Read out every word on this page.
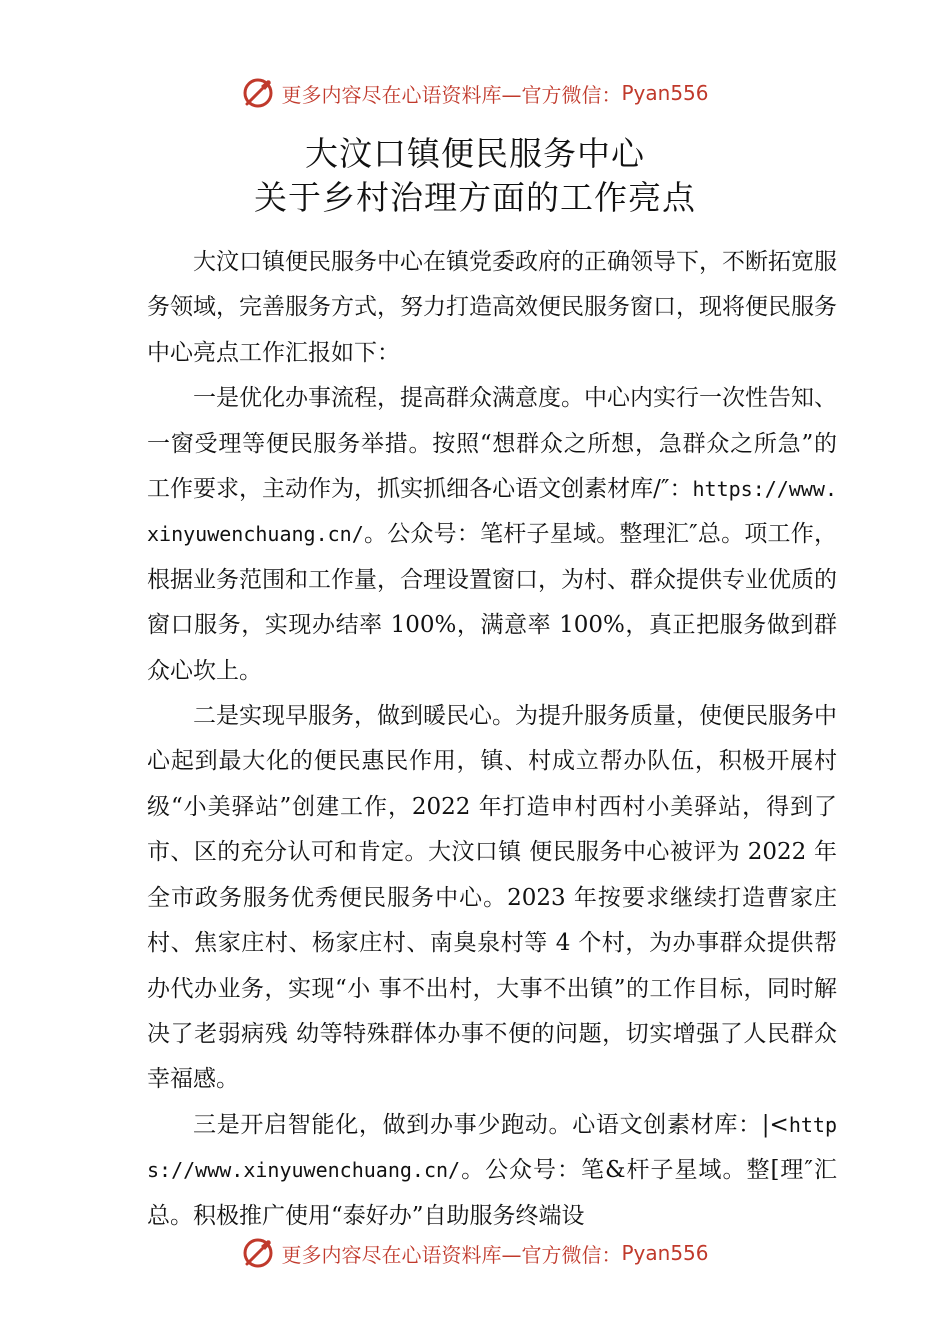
更多内容尽在心语资料库—官方微信： Pyan556
大汶口镇便民服务中心
关于乡村治理方面的工作亮点

大汶口镇便民服务中心在镇党委政府的正确领导下，不断拓宽服务领域，完善服务方式，努力打造高效便民服务窗口，现将便民服务中心亮点工作汇报如下：

一是优化办事流程，提高群众满意度。中心内实行一次性告知、一窗受理等便民服务举措。按照“想群众之所想，急群众之所急”的工作要求，主动作为，抓实抓细各心语文创素材库/″：https://www.xinyuwenchuang.cn/。公众号：笔杆子星域。整理汇″总。项工作， 根据业务范围和工作量，合理设置窗口，为村、群众提供专业优质的窗口服务，实现办结率 100%，满意率 100%，真正把服务做到群众心坎上。

二是实现早服务，做到暖民心。为提升服务质量，使便民服务中心起到最大化的便民惠民作用，镇、村成立帮办队伍，积极开展村级“小美驿站”创建工作，2022 年打造申村西村小美驿站，得到了市、区的充分认可和肯定。大汶口镇 便民服务中心被评为 2022 年全市政务服务优秀便民服务中心。2023 年按要求继续打造曹家庄村、焦家庄村、杨家庄村、南臭泉村等 4 个村，为办事群众提供帮办代办业务，实现“小 事不出村，大事不出镇”的工作目标，同时解决了老弱病残 幼等特殊群体办事不便的问题，切实增强了人民群众幸福感。

三是开启智能化，做到办事少跑动。心语文创素材库：|<https://www.xinyuwenchuang.cn/。公众号：笔&杆子星域。整[理″汇总。积极推广使用“泰好办”自助服务终端设

更多内容尽在心语资料库—官方微信： Pyan556
